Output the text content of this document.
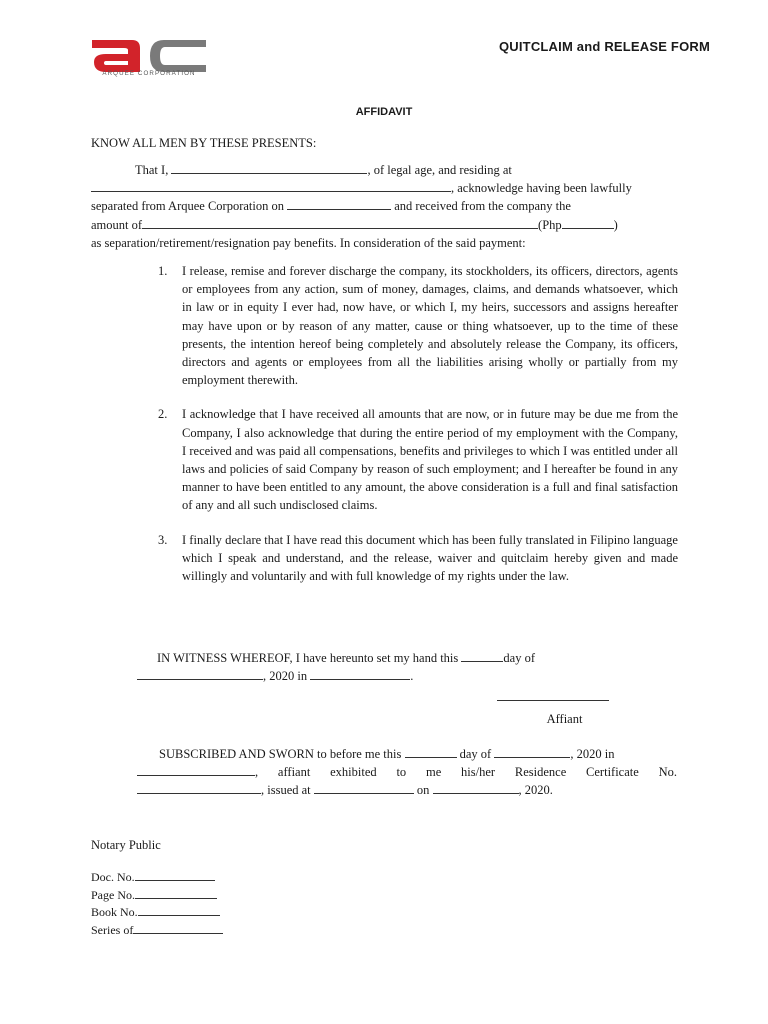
ARQUEE CORPORATION
QUITCLAIM and RELEASE FORM
AFFIDAVIT
KNOW ALL MEN BY THESE PRESENTS:

That I,	, of legal age, and residing at

, acknowledge having been lawfully
separated from Arquee Corporation on	and received from the company the
amount of	(Php	)
as separation/retirement/resignation pay benefits. In consideration of the said payment:
1. I release, remise and forever discharge the company, its stockholders, its officers, directors, agents or employees from any action, sum of money, damages, claims, and demands whatsoever, which in law or in equity I ever had, now have, or which I, my heirs, successors and assigns hereafter may have upon or by reason of any matter, cause or thing whatsoever, up to the time of these presents, the intention hereof being completely and absolutely release the Company, its officers, directors and agents or employees from all the liabilities arising wholly or partially from my employment therewith.
2. I acknowledge that I have received all amounts that are now, or in future may be due me from the Company, I also acknowledge that during the entire period of my employment with the Company, I received and was paid all compensations, benefits and privileges to which I was entitled under all laws and policies of said Company by reason of such employment; and I hereafter be found in any manner to have been entitled to any amount, the above consideration is a full and final satisfaction of any and all such undisclosed claims.
3. I finally declare that I have read this document which has been fully translated in Filipino language which I speak and understand, and the release, waiver and quitclaim hereby given and made willingly and voluntarily and with full knowledge of my rights under the law.

IN WITNESS WHEREOF, I have hereunto set my hand this	day of

, 2020 in	.
Affiant

SUBSCRIBED AND SWORN to before me this	day of	, 2020 in

, affiant exhibited to me his/her Residence Certificate No.
, issued at	on	, 2020.
Notary Public
Doc. No.
Page No.
Book No.
Series of
